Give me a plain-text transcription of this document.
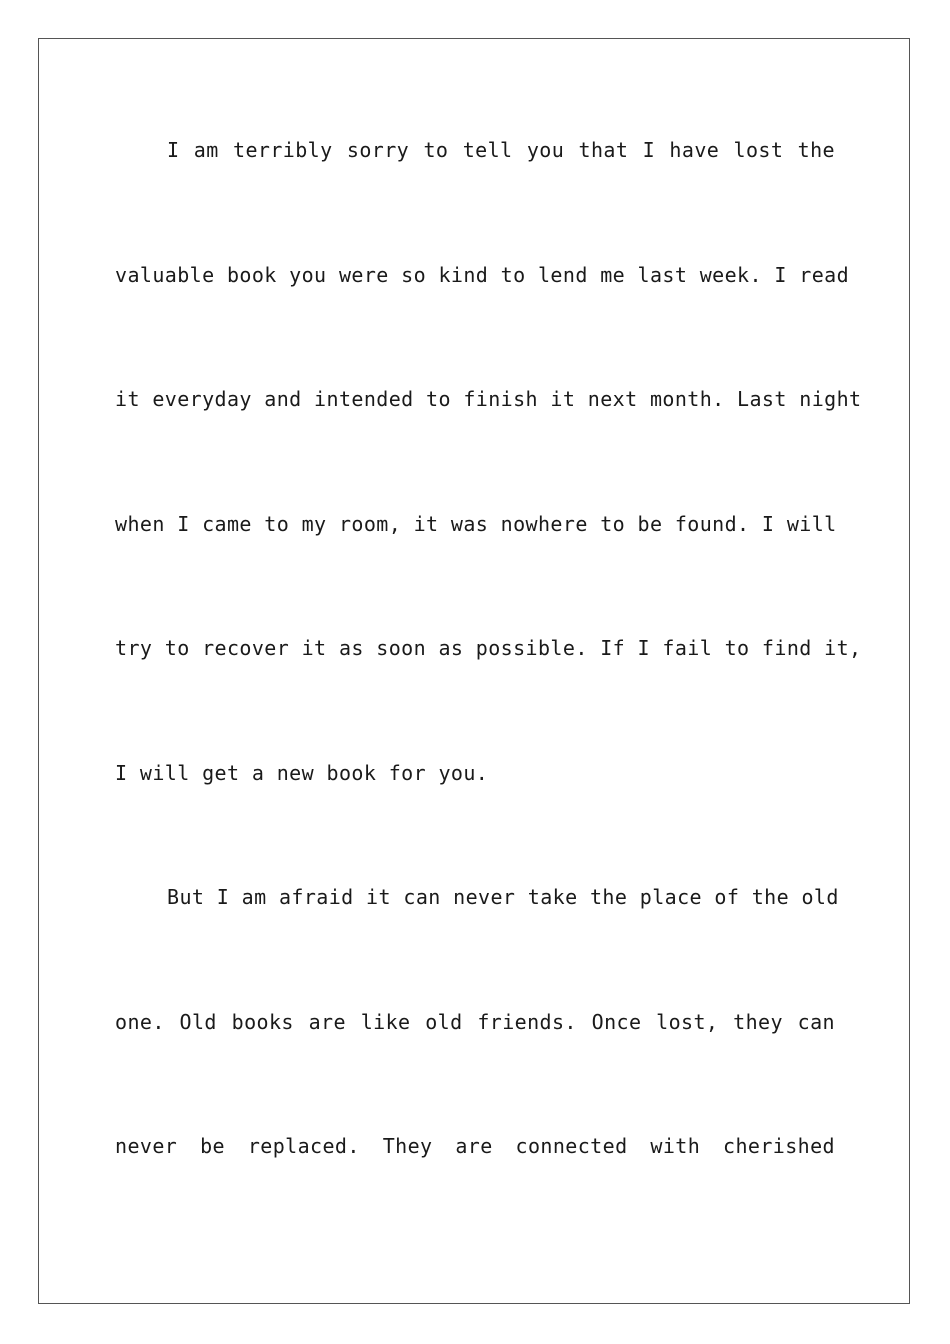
I am terribly sorry to tell you that I have lost the
valuable book you were so kind to lend me last week. I read
it everyday and intended to finish it next month. Last night
when I came to my room, it was nowhere to be found. I will
try to recover it as soon as possible. If I fail to find it,
I will get a new book for you.
But I am afraid it can never take the place of the old
one. Old books are like old friends. Once lost, they can
never be replaced. They are connected with cherished
